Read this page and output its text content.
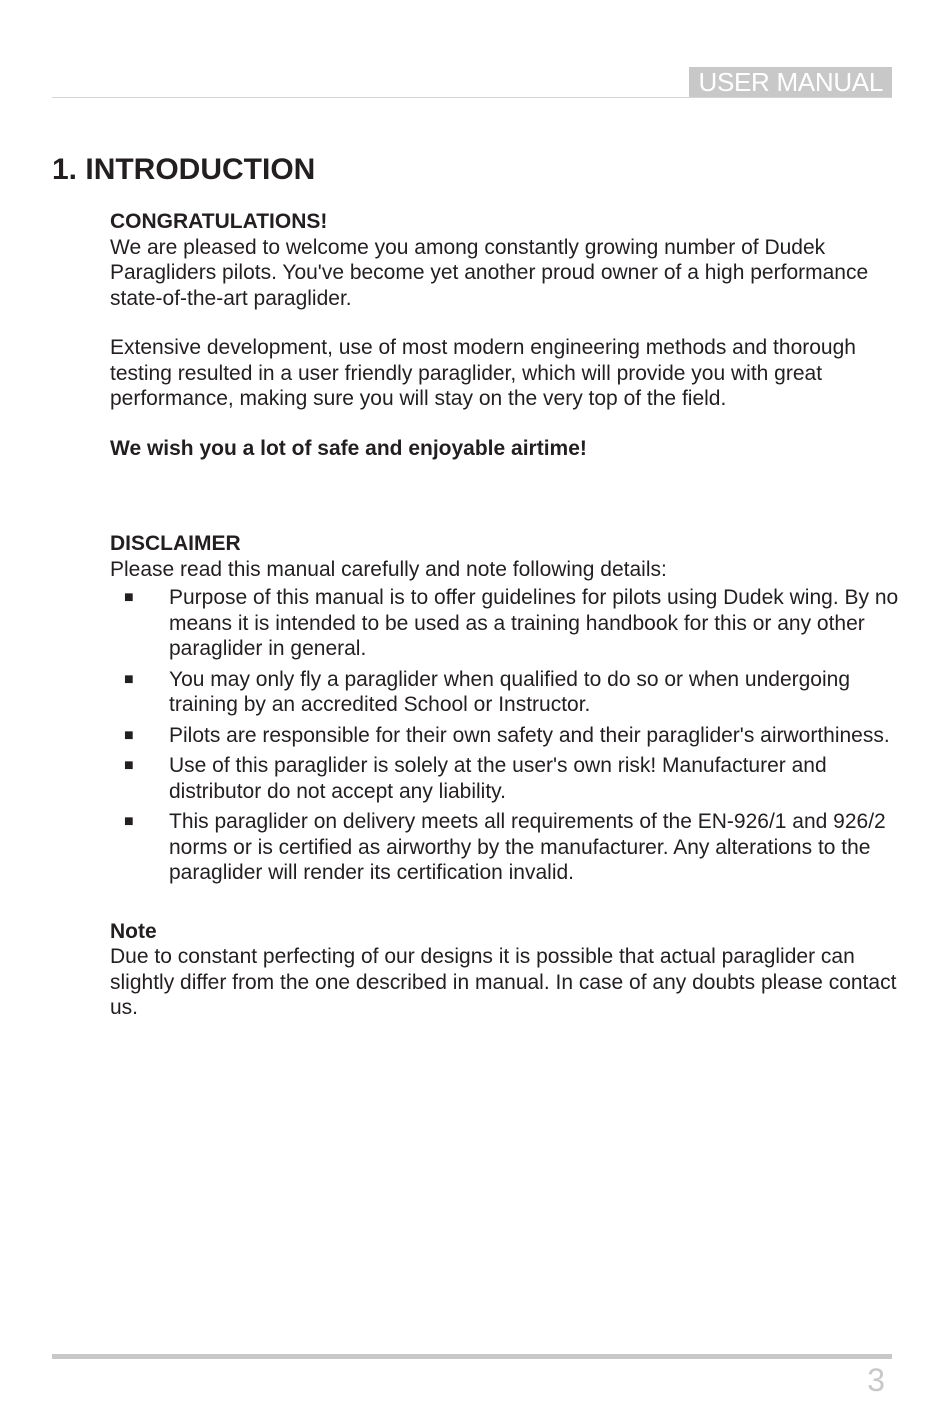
USER MANUAL
1. INTRODUCTION

CONGRATULATIONS!

We are pleased to welcome you among constantly growing number of Dudek Paragliders pilots. You've become yet another proud owner of a high performance state-of-the-art paraglider.

Extensive development, use of most modern engineering methods and thorough testing resulted in a user friendly paraglider, which will provide you with great performance, making sure you will stay on the very top of the field.

We wish you a lot of safe and enjoyable airtime!

DISCLAIMER

Please read this manual carefully and note following details:

■ Purpose of this manual is to offer guidelines for pilots using Dudek wing. By no means it is intended to be used as a training handbook for this or any other paraglider in general.
■ You may only fly a paraglider when qualified to do so or when undergoing training by an accredited School or Instructor.
■ Pilots are responsible for their own safety and their paraglider's airworthiness.
■ Use of this paraglider is solely at the user's own risk! Manufacturer and distributor do not accept any liability.
■ This paraglider on delivery meets all requirements of the EN-926/1 and 926/2 norms or is certified as airworthy by the manufacturer. Any alterations to the paraglider will render its certification invalid.

Note

Due to constant perfecting of our designs it is possible that actual paraglider can slightly differ from the one described in manual. In case of any doubts please contact us.

3
